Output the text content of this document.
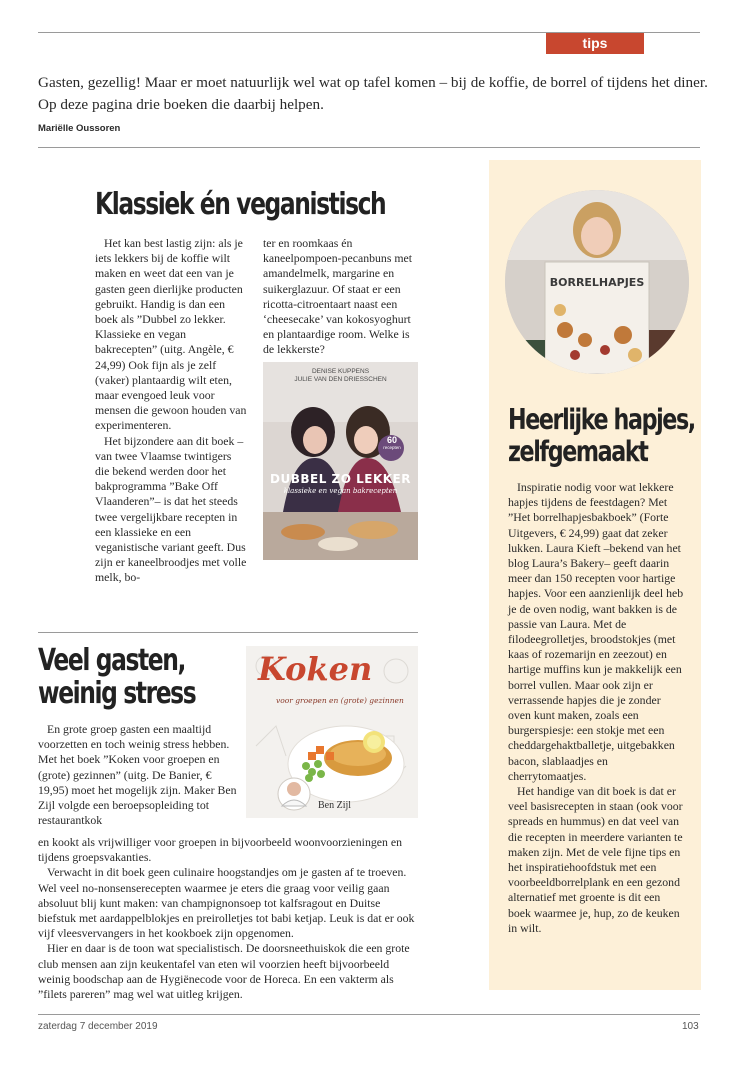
tips

Gasten, gezellig! Maar er moet natuurlijk wel wat op tafel komen – bij de koffie, de borrel of tijdens het diner. Op deze pagina drie boeken die daarbij helpen.

Mariëlle Oussoren
Klassiek én veganistisch

Het kan best lastig zijn: als je iets lekkers bij de koffie wilt maken en weet dat een van je gasten geen dierlijke producten gebruikt. Handig is dan een boek als ”Dubbel zo lekker. Klassieke en vegan bakrecepten” (uitg. Angèle, € 24,99) Ook fijn als je zelf (vaker) plantaardig wilt eten, maar evengoed leuk voor mensen die gewoon houden van experimenteren.

Het bijzondere aan dit boek –van twee Vlaamse twintigers die bekend werden door het bakprogramma ”Bake Off Vlaanderen”– is dat het steeds twee vergelijkbare recepten in een klassieke en een veganistische variant geeft. Dus zijn er kaneelbroodjes met volle melk, bo-

ter en roomkaas én kaneelpompoen-pecanbuns met amandelmelk, margarine en suikerglazuur. Of staat er een ricotta-citroentaart naast een ‘cheesecake’ van kokosyoghurt en plantaardige room. Welke is de lekkerste?

DENISE KUPPENS
JULIE VAN DEN DRIESSCHEN
60
recepten
DUBBEL ZO LEKKER
klassieke en vegan bakrecepten
Veel gasten,
weinig stress

En grote groep gasten een maaltijd voorzetten en toch weinig stress hebben. Met het boek ”Koken voor groepen en (grote) gezinnen” (uitg. De Banier, € 19,95) moet het mogelijk zijn. Maker Ben Zijl volgde een beroepsopleiding tot restaurantkok

en kookt als vrijwilliger voor groepen in bijvoorbeeld woonvoorzieningen en tijdens groepsvakanties.

Verwacht in dit boek geen culinaire hoogstandjes om je gasten af te troeven. Wel veel no-nonsenserecepten waarmee je eters die graag voor veilig gaan absoluut blij kunt maken: van champignonsoep tot kalfsragout en Duitse biefstuk met aardappelblokjes en preirolletjes tot babi ketjap. Leuk is dat er ook vijf vleesvervangers in het kookboek zijn opgenomen.

Hier en daar is de toon wat specialistisch. De doorsneethuiskok die een grote club mensen aan zijn keukentafel van eten wil voorzien heeft bijvoorbeeld weinig boodschap aan de Hygiënecode voor de Horeca. En een vakterm als ”filets pareren” mag wel wat uitleg krijgen.

Koken
voor groepen en (grote) gezinnen
Ben Zijl
BORRELHAPJES
Heerlijke hapjes,
zelfgemaakt

Inspiratie nodig voor wat lekkere hapjes tijdens de feestdagen? Met ”Het borrelhapjesbakboek” (Forte Uitgevers, € 24,99) gaat dat zeker lukken. Laura Kieft –bekend van het blog Laura’s Bakery– geeft daarin meer dan 150 recepten voor hartige hapjes. Voor een aanzienlijk deel heb je de oven nodig, want bakken is de passie van Laura. Met de filodeegrolletjes, broodstokjes (met kaas of rozemarijn en zeezout) en hartige muffins kun je makkelijk een borrel vullen. Maar ook zijn er verrassende hapjes die je zonder oven kunt maken, zoals een burgerspiesje: een stokje met een cheddargehaktballetje, uitgebakken bacon, slablaadjes en cherrytomaatjes.

Het handige van dit boek is dat er veel basisrecepten in staan (ook voor spreads en hummus) en dat veel van die recepten in meerdere varianten te maken zijn. Met de vele fijne tips en het inspiratiehoofdstuk met een voorbeeldborrelplank en een gezond alternatief met groente is dit een boek waarmee je, hup, zo de keuken in wilt.

zaterdag 7 december 2019	103
